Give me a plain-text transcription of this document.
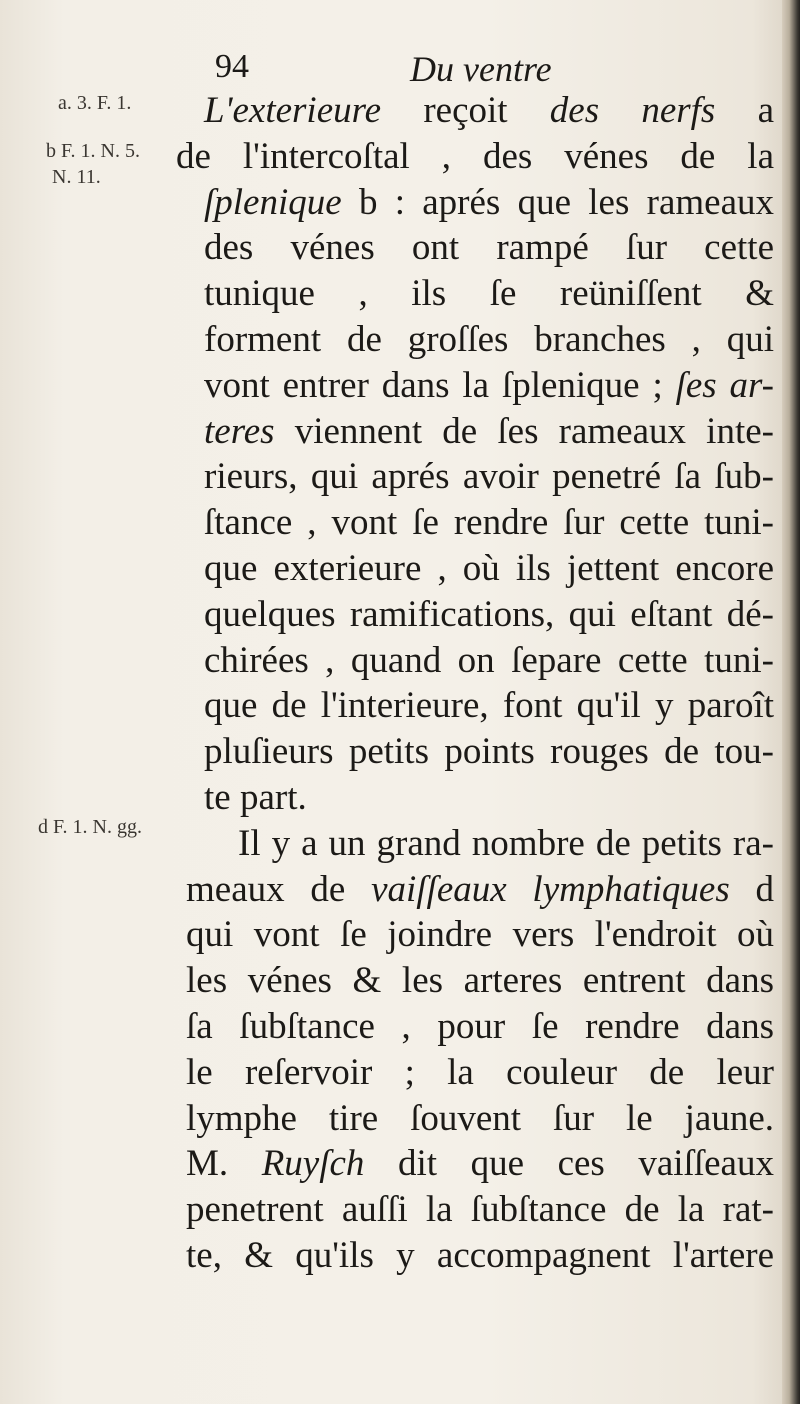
94	Du ventre
a. 3. F. 1.
b F. 1. N. 5.
N. 11.
d F. 1. N. gg.
L'exterieure reçoit des nerfs a
de l'intercoſtal , des vénes de la
ſplenique b : aprés que les rameaux
des vénes ont rampé ſur cette
tunique , ils ſe reüniſſent &
forment de groſſes branches , qui
vont entrer dans la ſplenique ; ſes ar-
teres viennent de ſes rameaux inte-
rieurs, qui aprés avoir penetré ſa ſub-
ſtance , vont ſe rendre ſur cette tuni-
que exterieure , où ils jettent encore
quelques ramifications, qui eſtant dé-
chirées , quand on ſepare cette tuni-
que de l'interieure, font qu'il y paroît
pluſieurs petits points rouges de tou-
te part.
Il y a un grand nombre de petits ra-
meaux de vaiſſeaux lymphatiques d
qui vont ſe joindre vers l'endroit où
les vénes & les arteres entrent dans
ſa ſubſtance , pour ſe rendre dans
le reſervoir ; la couleur de leur
lymphe tire ſouvent ſur le jaune.
M. Ruyſch dit que ces vaiſſeaux
penetrent auſſi la ſubſtance de la rat-
te, & qu'ils y accompagnent l'artere
